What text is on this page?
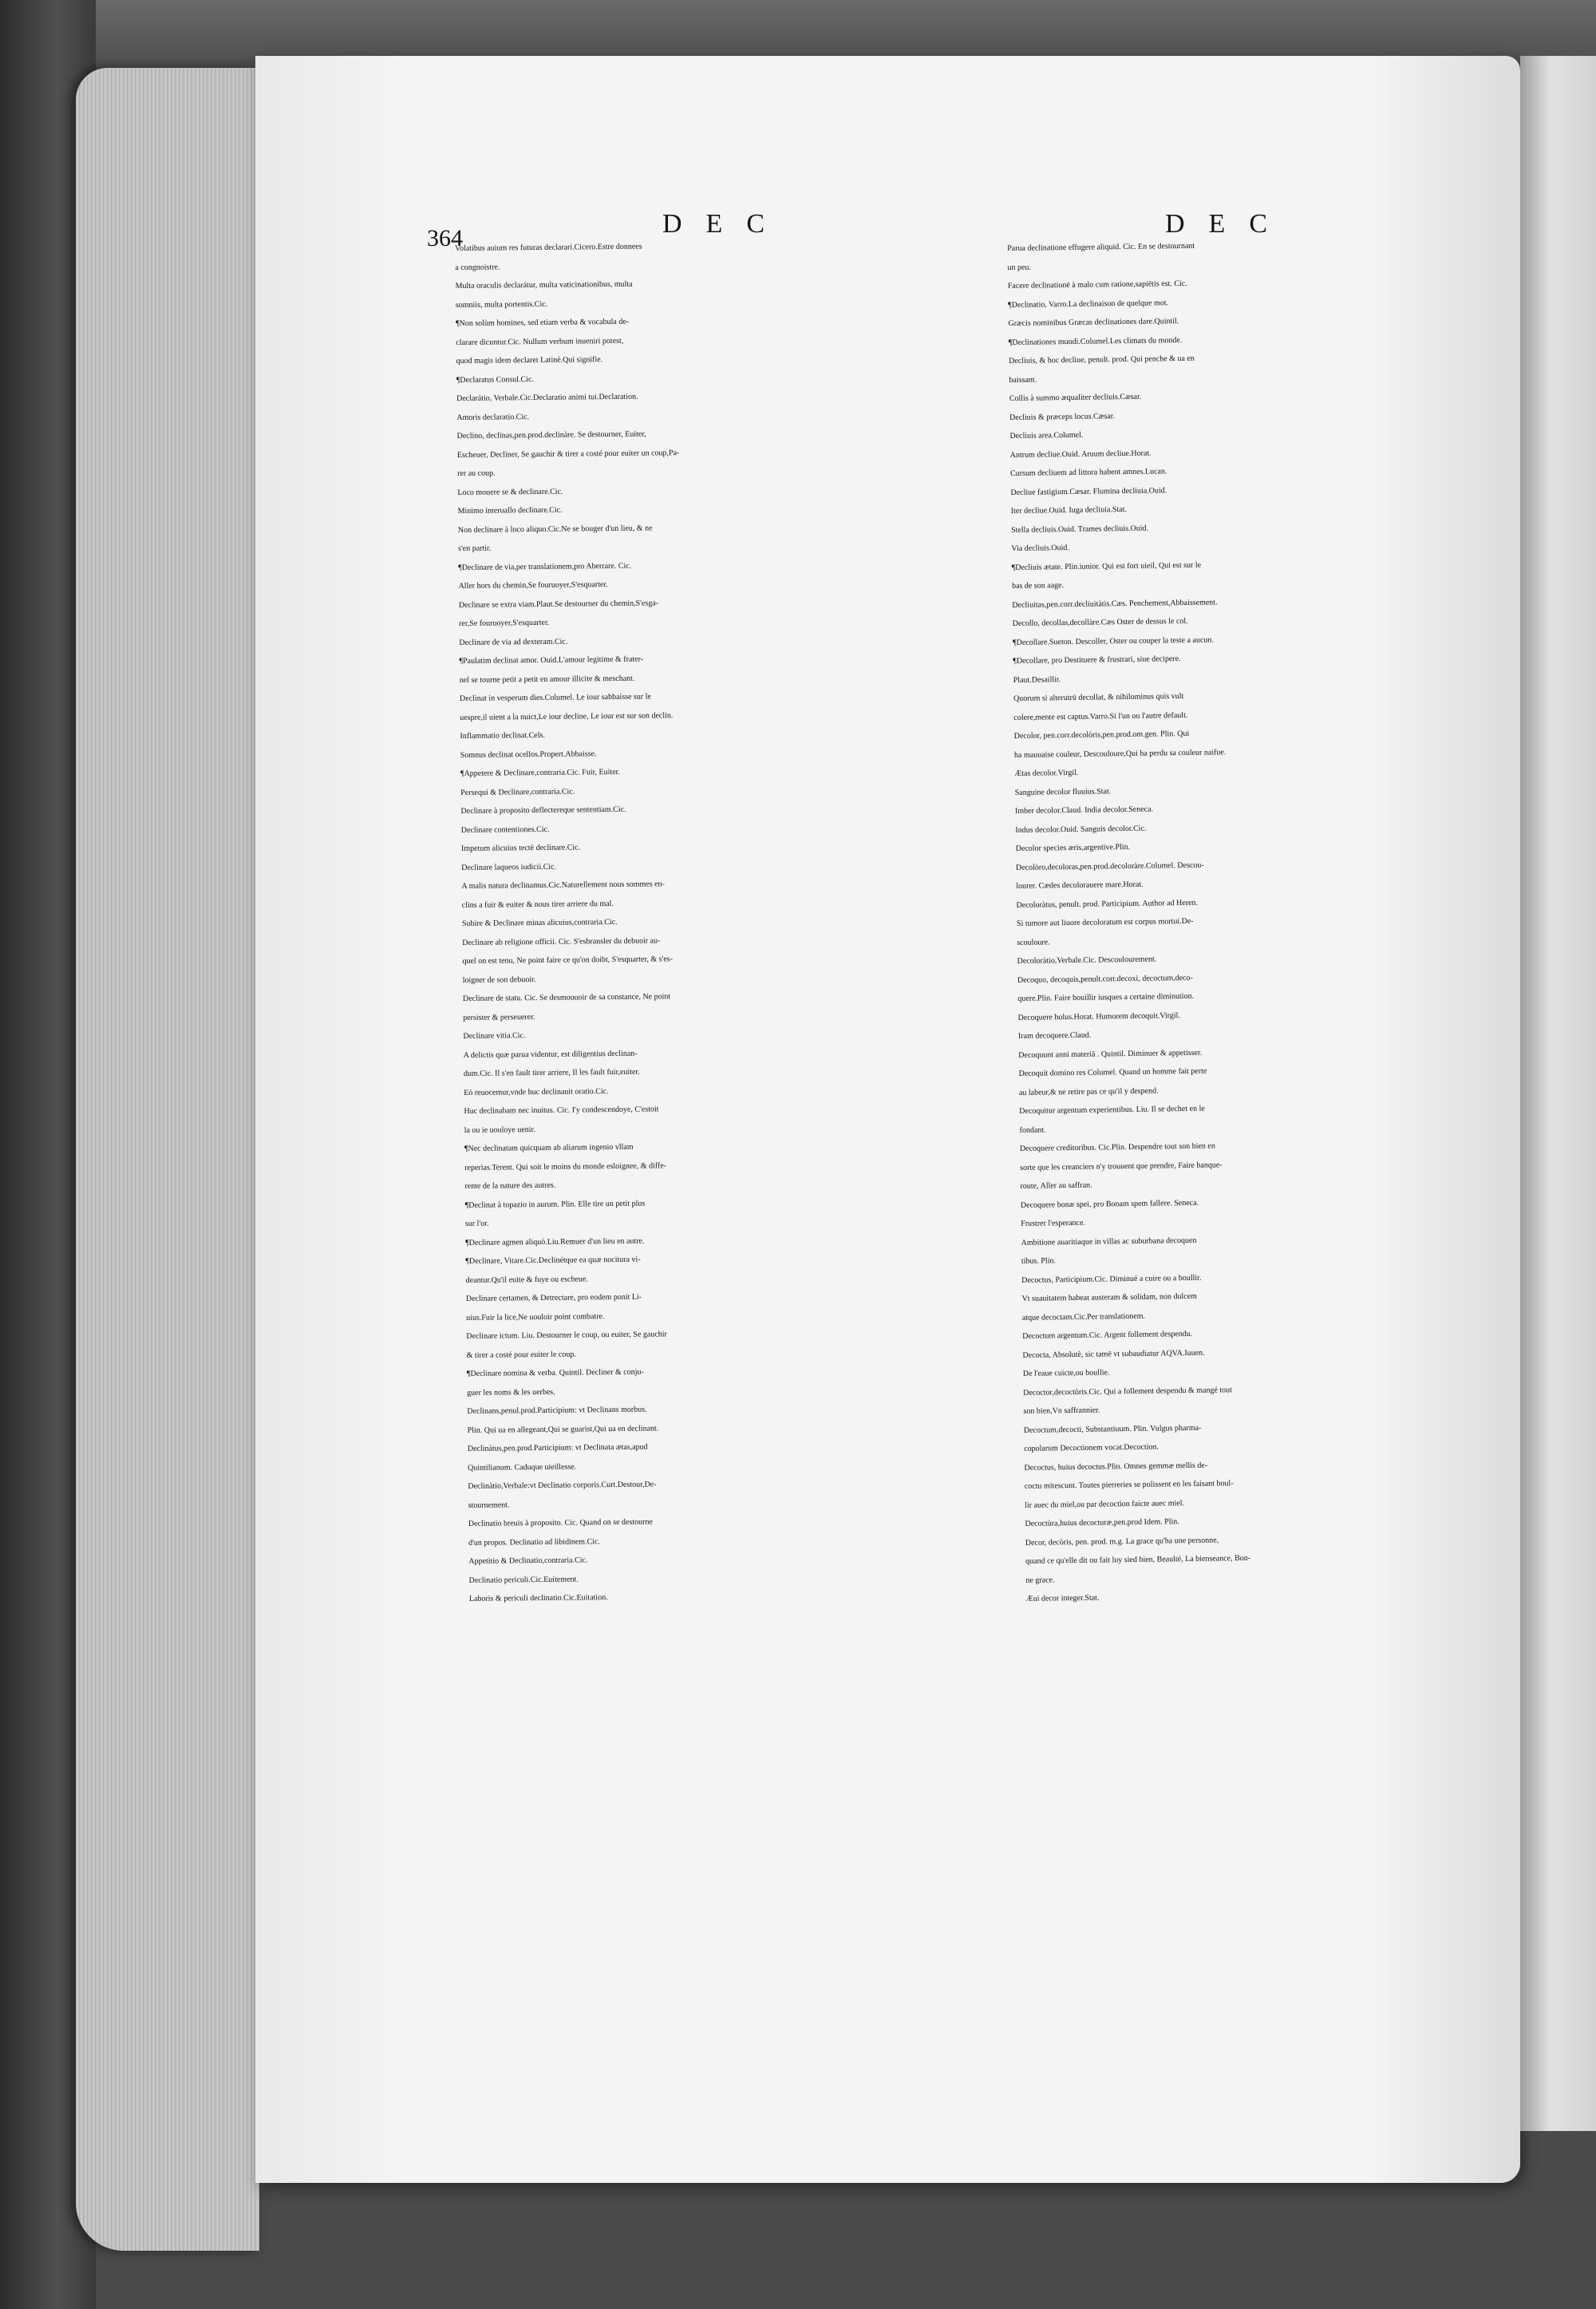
364	DEC	DEC
Volatibus auium res futuras declarari.Cicero.Estre donnees
a congnoistre.
Multa oraculis declarátur, multa vaticinationibus, multa
somniis, multa portentis.Cic.
¶Non solùm homines, sed etiam verba & vocabula de-
clarare dicuntur.Cic. Nullum verbum inueniri potest,
quod magis idem declaret Latinè.Qui signifie.
¶Declaratus Consul.Cic.
Declarátio, Verbale.Cic.Declaratio animi tui.Declaration.
Amoris declaratio.Cic.
Declino, declinas,pen.prod.declinàre. Se destourner, Euiter,
Escheuer, Decliner, Se gauchir & tirer a costé pour euiter un coup,Pa-
rer au coup.
Loco mouere se & declinare.Cic.
Minimo interuallo declinare.Cic.
Non declinare à loco aliquo.Cic.Ne se bouger d'un lieu, & ne
s'en partir.
¶Declinare de via,per translationem,pro Aberrare. Cic.
Aller hors du chemin,Se fouruoyer,S'esquarter.
Declinare se extra viam.Plaut.Se destourner du chemin,S'esga-
rer,Se fouruoyer,S'esquarter.
Declinare de via ad dexteram.Cic.
¶Paulatim declinat amor. Ouid.L'amour legitime & frater-
nel se tourne petit a petit en amour illicite & meschant.
Declinat in vesperum dies.Columel. Le iour sabbaisse sur le
uespre,il uient a la nuict,Le iour decline, Le iour est sur son declin.
Inflammatio declinat.Cels.
Somnus declinat ocellos.Propert.Abbaisse.
¶Appetere & Declinare,contraria.Cic. Fuir, Euiter.
Persequi & Declinare,contraria.Cic.
Declinare à proposito deflectereque sententiam.Cic.
Declinare contentiones.Cic.
Impetum alicuius tectè declinare.Cic.
Declinare laqueos iudicii.Cic.
A malis natura declinamus.Cic.Naturellement nous sommes en-
clins a fuir & euiter & nous tirer arriere du mal.
Subire & Declinare minas alicuius,contraria.Cic.
Declinare ab religione officii. Cic. S'esbransler du debuoir au-
quel on est tenu, Ne point faire ce qu'on doibt, S'esquarter, & s'es-
loigner de son debuoir.
Declinare de statu. Cic. Se desmouuoir de sa constance, Ne point
persister & perseuerer.
Declinare vitia.Cic.
A delictis quæ parua videntur, est diligentius declinan-
dum.Cic. Il s'en fault tirer arriere, Il les fault fuir,euiter.
Eò reuocemur,vnde huc declinauit oratio.Cic.
Huc declinabam nec inuitus. Cic. I'y condescendoye, C'estoit
la ou ie uouloye uenir.
¶Nec declinatam quicquam ab aliarum ingenio vllam
reperias.Terent. Qui soit le moins du monde esloignee, & diffe-
rente de la nature des autres.
¶Declinat à topazio in aurum. Plin. Elle tire un petit plus
sur l'or.
¶Declinare agmen aliquò.Liu.Remuer d'un lieu en autre.
¶Declinare, Vitare.Cic.Declinétque ea quæ nocitura vi-
deantur.Qu'il euite & fuye ou escheue.
Declinare certamen, & Detrectare, pro eodem ponit Li-
uius.Fuir la lice,Ne uouloir point combatre.
Declinare ictum. Liu. Destourner le coup, ou euiter, Se gauchir
& tirer a costé pour euiter le coup.
¶Declinare nomina & verba. Quintil. Decliner & conju-
guer les noms & les uerbes.
Declinans,penul.prod.Participium: vt Declinans morbus.
Plin. Qui ua en allegeant,Qui se guarist,Qui ua en declinant.
Declinàtus,pen.prod.Participium: vt Declinata ætas,apud
Quintilianum. Caduque uieillesse.
Declinàtio,Verbale:vt Declinatio corporis.Curt.Destour,De-
stournement.
Declinatio breuis à proposito. Cic. Quand on se destourne
d'un propos. Declinatio ad libidinem.Cic.
Appetitio & Declinatio,contraria.Cic.
Declinatio periculi.Cic.Euitement.
Laboris & periculi declinatio.Cic.Euitation.
Parua declinatione effugere aliquid. Cic. En se destournant
un peu.
Facere declinationē à malo cum ratione,sapiētis est. Cic.
¶Declinatio, Varro.La declinaison de quelque mot.
Græcis nominibus Græcas declinationes dare.Quintil.
¶Declinationes mundi.Columel.Les climats du monde.
Decliuis, & hoc decliue, penult. prod. Qui penche & ua en
baissant.
Collis à summo æqualiter decliuis.Cæsar.
Decliuis & præceps locus.Cæsar.
Decliuis area.Columel.
Antrum decliue.Ouid. Aruum decliue.Horat.
Cursum decliuem ad littora habent amnes.Lucan.
Decliue fastigium.Cæsar. Flumina decliuia.Ouid.
Iter decliue.Ouid. Iuga decliuia.Stat.
Stella decliuis.Ouid. Trames decliuis.Ouid.
Via decliuis.Ouid.
¶Decliuis ætate. Plin.iunior. Qui est fort uieil, Qui est sur le
bas de son aage.
Decliuitas,pen.corr.decliuitàtis.Cæs. Penchement,Abbaissement.
Decollo, decollas,decollàre.Cæs Oster de dessus le col.
¶Decollare.Sueton. Descoller, Oster ou couper la teste a aucun.
¶Decollare, pro Destituere & frustrari, siue decipere.
Plaut.Desaillir.
Quorum si alterutrū decollat, & nihilominus quis vult
colere,mente est captus.Varro.Si l'un ou l'autre default.
Decolor, pen.corr.decolòris,pen.prod.om.gen. Plin. Qui
ha mauuaise couleur, Descouloure,Qui ha perdu sa couleur naifue.
Ætas decolor.Virgil.
Sanguine decolor fluuius.Stat.
Imber decolor.Claud. India decolor.Seneca.
Indus decolor.Ouid. Sanguis decolor.Cic.
Decolor species æris,argentive.Plin.
Decolòro,decoloras,pen.prod.decoloràre.Columel. Descou-
lourer. Cædes decolorauere mare.Horat.
Decoloràtus, penult. prod. Participium. Author ad Heren.
Si tumore aut liuore decoloratum est corpus mortui.De-
scouloure.
Decoloràtio,Verbale.Cic. Descoulourement.
Decoquo, decoquis,penult.corr.decoxi, decoctum,deco-
quere.Plin. Faire bouillir iusques a certaine diminution.
Decoquere holus.Horat. Humorem decoquit.Virgil.
Iram decoquere.Claud.
Decoquunt anni materiā . Quintil. Diminuer & appetisser.
Decoquit domino res Columel. Quand un homme fait perte
au labeur,& ne retire pas ce qu'il y despend.
Decoquitur argentum experientibus. Liu. Il se dechet en le
fondant.
Decoquere creditoribus. Cic.Plin. Despendre tout son bien en
sorte que les creanciers n'y trouuent que prendre, Faire banque-
route, Aller au saffran.
Decoquere bonæ spei, pro Bonam spem fallere. Seneca.
Frustrer l'esperance.
Ambitione auaritiaque in villas ac suburbana decoquen
tibus. Plin.
Decoctus, Participium.Cic. Diminué a cuire ou a boullir.
Vt suauitatem habeat austeram & solidam, non dulcem
atque decoctam.Cic.Per translationem.
Decoctum argentum.Cic. Argent follement despendu.
Decocta, Absolutè, sic tamē vt subaudiatur AQVA.Iuuen.
De l'eaue cuicte,ou boullie.
Decoctor,decoctòris.Cic. Qui a follement despendu & mangé tout
son bien,Vn saffrannier.
Decoctum,decocti, Substantiuum. Plin. Vulgus pharma-
copolarum Decoctionem vocat.Decoction.
Decoctus, huius decoctus.Plin. Omnes gemmæ mellis de-
coctu mitescunt. Toutes pierreries se polissent en les faisant boul-
lir auec du miel,ou par decoction faicte auec miel.
Decoctùra,huius decocturæ,pen.prod Idem. Plin.
Decor, decòris, pen. prod. m.g. La grace qu'ha une personne,
quand ce qu'elle dit ou fait luy sied bien, Beaulté, La bienseance, Bon-
ne grace.
Æui decor integer.Stat.
